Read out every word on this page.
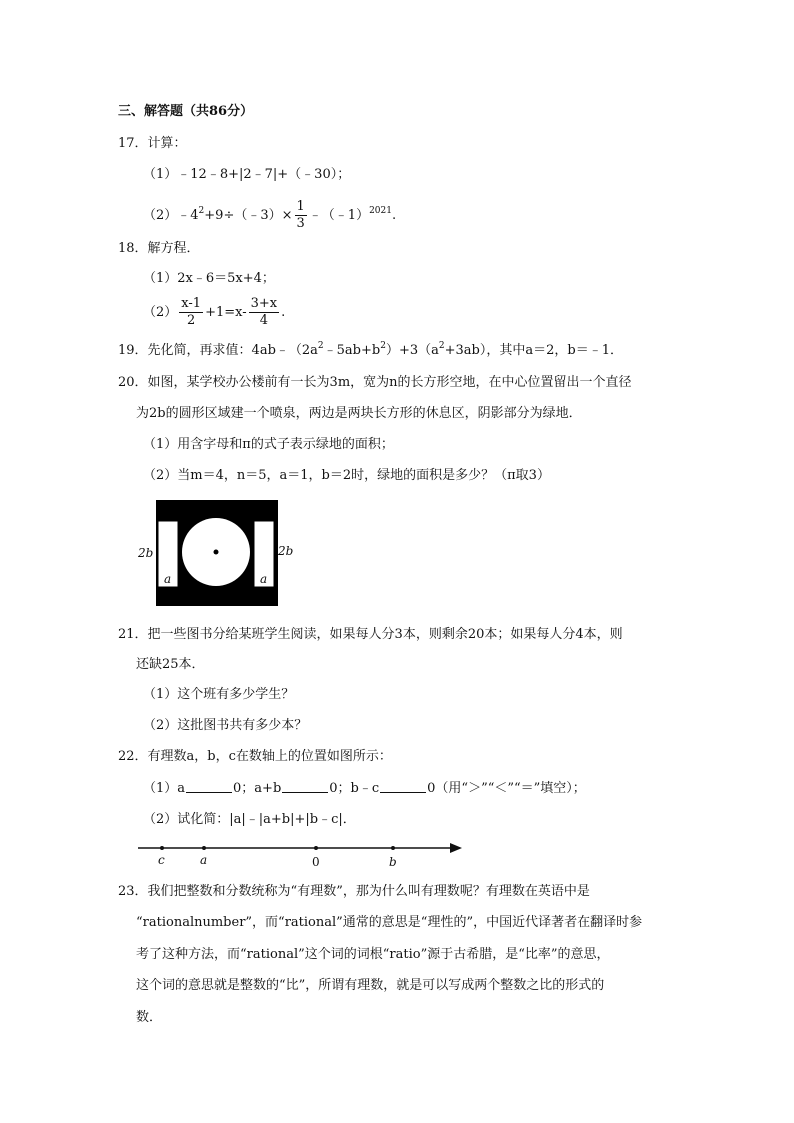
三、解答题（共86分）
17．计算：
（1）﹣12﹣8+|2﹣7|+（﹣30）；
$(2)﹣4^2+9\div(﹣3)\times \frac{1}{3}$ ﹣（﹣1）$^{2021}$.
18．解方程．
（1）2x﹣6＝5x+4；
$(2) \frac{x-1}{2} +1=x- \frac{3+x}{4}$ .
19．先化简，再求值：$4ab﹣(2a^2﹣5ab+b^2)+3(a^2+3ab)$，其中a＝2，b＝﹣1．
20．如图，某学校办公楼前有一长为3m，宽为n的长方形空地，在中心位置留出一个直径
为2b的圆形区域建一个喷泉，两边是两块长方形的休息区，阴影部分为绿地．
（1）用含字母和π的式子表示绿地的面积；
（2）当m＝4，n＝5，a＝1，b＝2时，绿地的面积是多少？（π取3）
2b	2b
a	a
21．把一些图书分给某班学生阅读，如果每人分3本，则剩余20本；如果每人分4本，则
还缺25本．
（1）这个班有多少学生？
（2）这批图书共有多少本？
22．有理数a，b，c在数轴上的位置如图所示：
（1）a	0；a+b	0；b﹣c	0（用“＞”“＜”“＝”填空）；
（2）试化简：|a|﹣|a+b|+|b﹣c|．
c	a	0	b
23．我们把整数和分数统称为“有理数”，那为什么叫有理数呢？有理数在英语中是
“rationalnumber”，而“rational”通常的意思是“理性的”，中国近代译著者在翻译时参
考了这种方法，而“rational”这个词的词根“ratio”源于古希腊，是“比率”的意思，
这个词的意思就是整数的“比”，所谓有理数，就是可以写成两个整数之比的形式的
数．
